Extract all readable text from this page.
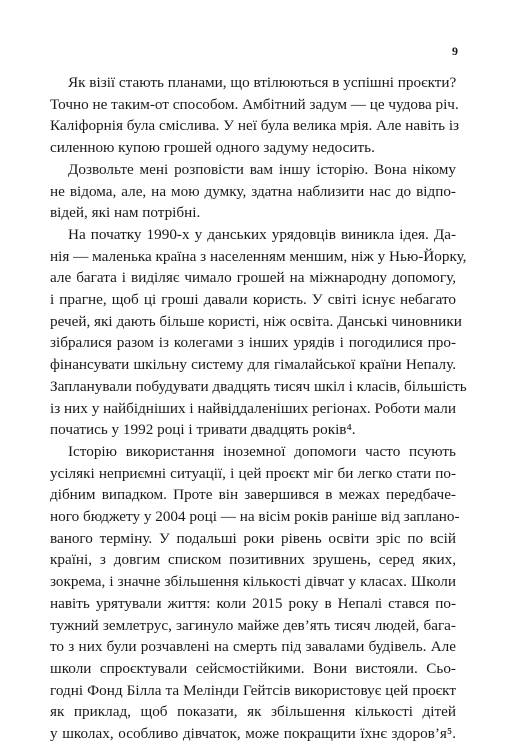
9

Як візії стають планами, що втілюються в успішні проєкти?
Точно не таким-от способом. Амбітний задум — це чудова річ.
Каліфорнія була сміслива. У неї була велика мрія. Але навіть із
силенною купою грошей одного задуму недосить.

Дозвольте мені розповісти вам іншу історію. Вона нікому
не відома, але, на мою думку, здатна наблизити нас до відпо-
відей, які нам потрібні.

На початку 1990-х у данських урядовців виникла ідея. Да-
нія — маленька країна з населенням меншим, ніж у Нью-Йорку,
але багата і виділяє чимало грошей на міжнародну допомогу,
і прагне, щоб ці гроші давали користь. У світі існує небагато
речей, які дають більше користі, ніж освіта. Данські чиновники
зібралися разом із колегами з інших урядів і погодилися про-
фінансувати шкільну систему для гімалайської країни Непалу.
Запланували побудувати двадцять тисяч шкіл і класів, більшість
із них у найбідніших і найвіддаленіших регіонах. Роботи мали
початись у 1992 році і тривати двадцять років⁴.

Історію використання іноземної допомоги часто псують
усілякі неприємні ситуації, і цей проєкт міг би легко стати по-
дібним випадком. Проте він завершився в межах передбачe-
ного бюджету у 2004 році — на вісім років раніше від заплано-
ваного терміну. У подальші роки рівень освіти зріс по всій
країні, з довгим списком позитивних зрушень, серед яких,
зокрема, і значне збільшення кількості дівчат у класах. Школи
навіть урятували життя: коли 2015 року в Непалі стався по-
тужний землетрус, загинуло майже дев’ять тисяч людей, бага-
то з них були розчавлені на смерть під завалами будівель. Але
школи спроєктували сейсмостійкими. Вони вистояли. Сьо-
годні Фонд Білла та Мелінди Гейтсів використовує цей проєкт
як приклад, щоб показати, як збільшення кількості дітей
у школах, особливо дівчаток, може покращити їхнє здоров’я⁵.
